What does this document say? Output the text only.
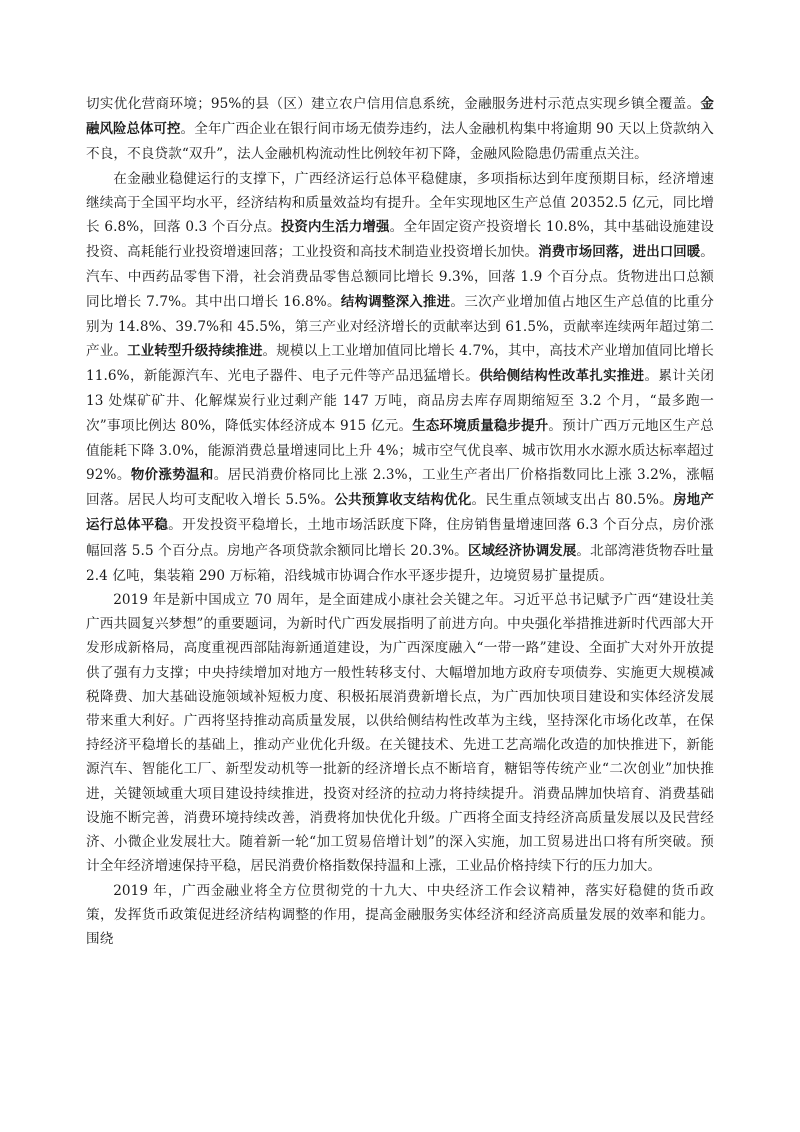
切实优化营商环境；95%的县（区）建立农户信用信息系统，金融服务进村示范点实现乡镇全覆盖。金融风险总体可控。全年广西企业在银行间市场无债券违约，法人金融机构集中将逾期 90 天以上贷款纳入不良，不良贷款“双升”，法人金融机构流动性比例较年初下降，金融风险隐患仍需重点关注。

在金融业稳健运行的支撑下，广西经济运行总体平稳健康，多项指标达到年度预期目标，经济增速继续高于全国平均水平，经济结构和质量效益均有提升。全年实现地区生产总值 20352.5 亿元，同比增长 6.8%，回落 0.3 个百分点。投资内生活力增强。全年固定资产投资增长 10.8%，其中基础设施建设投资、高耗能行业投资增速回落；工业投资和高技术制造业投资增长加快。消费市场回落，进出口回暖。汽车、中西药品零售下滑，社会消费品零售总额同比增长 9.3%，回落 1.9 个百分点。货物进出口总额同比增长 7.7%。其中出口增长 16.8%。结构调整深入推进。三次产业增加值占地区生产总值的比重分别为 14.8%、39.7%和 45.5%，第三产业对经济增长的贡献率达到 61.5%，贡献率连续两年超过第二产业。工业转型升级持续推进。规模以上工业增加值同比增长 4.7%，其中，高技术产业增加值同比增长 11.6%，新能源汽车、光电子器件、电子元件等产品迅猛增长。供给侧结构性改革扎实推进。累计关闭 13 处煤矿矿井、化解煤炭行业过剩产能 147 万吨，商品房去库存周期缩短至 3.2 个月，“最多跑一次”事项比例达 80%，降低实体经济成本 915 亿元。生态环境质量稳步提升。预计广西万元地区生产总值能耗下降 3.0%，能源消费总量增速同比上升 4%；城市空气优良率、城市饮用水水源水质达标率超过 92%。物价涨势温和。居民消费价格同比上涨 2.3%，工业生产者出厂价格指数同比上涨 3.2%，涨幅回落。居民人均可支配收入增长 5.5%。公共预算收支结构优化。民生重点领域支出占 80.5%。房地产运行总体平稳。开发投资平稳增长，土地市场活跃度下降，住房销售量增速回落 6.3 个百分点，房价涨幅回落 5.5 个百分点。房地产各项贷款余额同比增长 20.3%。区域经济协调发展。北部湾港货物吞吐量 2.4 亿吨，集装箱 290 万标箱，沿线城市协调合作水平逐步提升，边境贸易扩量提质。

2019 年是新中国成立 70 周年，是全面建成小康社会关键之年。习近平总书记赋予广西“建设壮美广西共圆复兴梦想”的重要题词，为新时代广西发展指明了前进方向。中央强化举措推进新时代西部大开发形成新格局，高度重视西部陆海新通道建设，为广西深度融入“一带一路”建设、全面扩大对外开放提供了强有力支撑；中央持续增加对地方一般性转移支付、大幅增加地方政府专项债券、实施更大规模减税降费、加大基础设施领域补短板力度、积极拓展消费新增长点，为广西加快项目建设和实体经济发展带来重大利好。广西将坚持推动高质量发展，以供给侧结构性改革为主线，坚持深化市场化改革，在保持经济平稳增长的基础上，推动产业优化升级。在关键技术、先进工艺高端化改造的加快推进下，新能源汽车、智能化工厂、新型发动机等一批新的经济增长点不断培育，糖铝等传统产业“二次创业”加快推进，关键领域重大项目建设持续推进，投资对经济的拉动力将持续提升。消费品牌加快培育、消费基础设施不断完善，消费环境持续改善，消费将加快优化升级。广西将全面支持经济高质量发展以及民营经济、小微企业发展壮大。随着新一轮“加工贸易倍增计划”的深入实施，加工贸易进出口将有所突破。预计全年经济增速保持平稳，居民消费价格指数保持温和上涨，工业品价格持续下行的压力加大。

2019 年，广西金融业将全方位贯彻党的十九大、中央经济工作会议精神，落实好稳健的货币政策，发挥货币政策促进经济结构调整的作用，提高金融服务实体经济和经济高质量发展的效率和能力。围绕
